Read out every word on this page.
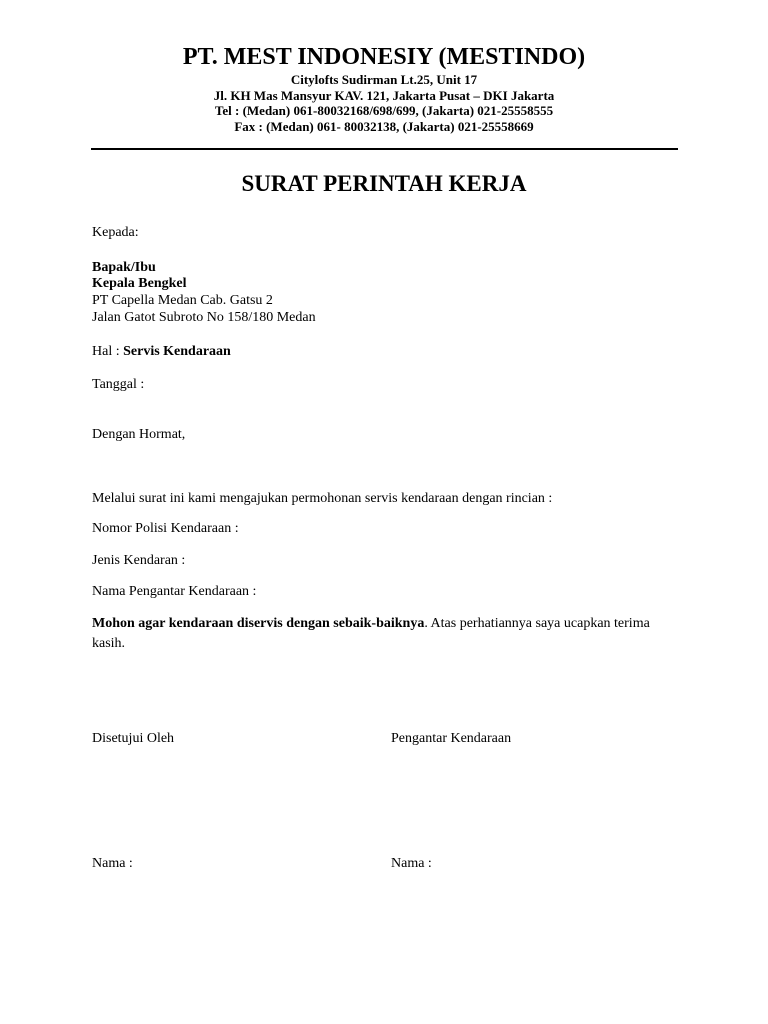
PT. MEST INDONESIY (MESTINDO)
Citylofts Sudirman Lt.25, Unit 17
Jl. KH Mas Mansyur KAV. 121, Jakarta Pusat – DKI Jakarta
Tel : (Medan) 061-80032168/698/699, (Jakarta) 021-25558555
Fax : (Medan) 061- 80032138, (Jakarta) 021-25558669
SURAT PERINTAH KERJA
Kepada:
Bapak/Ibu
Kepala Bengkel
PT Capella Medan Cab. Gatsu 2
Jalan Gatot Subroto No 158/180 Medan
Hal : Servis Kendaraan
Tanggal :
Dengan Hormat,
Melalui surat ini kami mengajukan permohonan servis kendaraan dengan rincian :
Nomor Polisi Kendaraan :
Jenis Kendaran :
Nama Pengantar Kendaraan :
Mohon agar kendaraan diservis dengan sebaik-baiknya. Atas perhatiannya saya ucapkan terima kasih.
Disetujui Oleh	Pengantar Kendaraan
Nama :	Nama :
